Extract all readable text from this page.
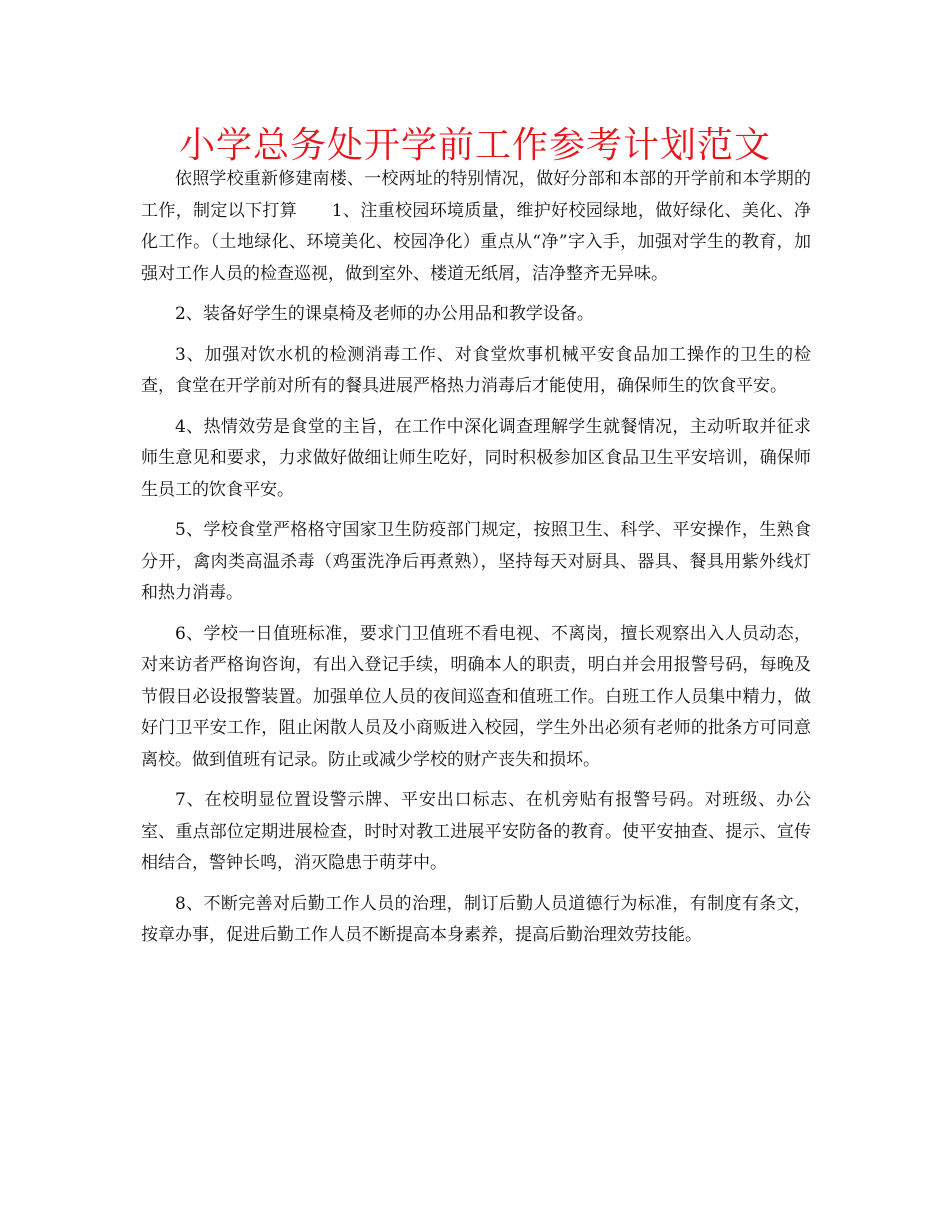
小学总务处开学前工作参考计划范文

依照学校重新修建南楼、一校两址的特别情况，做好分部和本部的开学前和本学期的工作，制定以下打算　　1、注重校园环境质量，维护好校园绿地，做好绿化、美化、净化工作。（土地绿化、环境美化、校园净化）重点从“净”字入手，加强对学生的教育，加强对工作人员的检查巡视，做到室外、楼道无纸屑，洁净整齐无异味。

2、装备好学生的课桌椅及老师的办公用品和教学设备。

3、加强对饮水机的检测消毒工作、对食堂炊事机械平安食品加工操作的卫生的检查，食堂在开学前对所有的餐具进展严格热力消毒后才能使用，确保师生的饮食平安。

4、热情效劳是食堂的主旨，在工作中深化调查理解学生就餐情况，主动听取并征求师生意见和要求，力求做好做细让师生吃好，同时积极参加区食品卫生平安培训，确保师生员工的饮食平安。

5、学校食堂严格格守国家卫生防疫部门规定，按照卫生、科学、平安操作，生熟食分开，禽肉类高温杀毒（鸡蛋洗净后再煮熟），坚持每天对厨具、器具、餐具用紫外线灯和热力消毒。

6、学校一日值班标准，要求门卫值班不看电视、不离岗，擅长观察出入人员动态，对来访者严格询咨询，有出入登记手续，明确本人的职责，明白并会用报警号码，每晚及节假日必设报警装置。加强单位人员的夜间巡查和值班工作。白班工作人员集中精力，做好门卫平安工作，阻止闲散人员及小商贩进入校园，学生外出必须有老师的批条方可同意离校。做到值班有记录。防止或减少学校的财产丧失和损坏。

7、在校明显位置设警示牌、平安出口标志、在机旁贴有报警号码。对班级、办公室、重点部位定期进展检查，时时对教工进展平安防备的教育。使平安抽查、提示、宣传相结合，警钟长鸣，消灭隐患于萌芽中。

8、不断完善对后勤工作人员的治理，制订后勤人员道德行为标准，有制度有条文，按章办事，促进后勤工作人员不断提高本身素养，提高后勤治理效劳技能。
